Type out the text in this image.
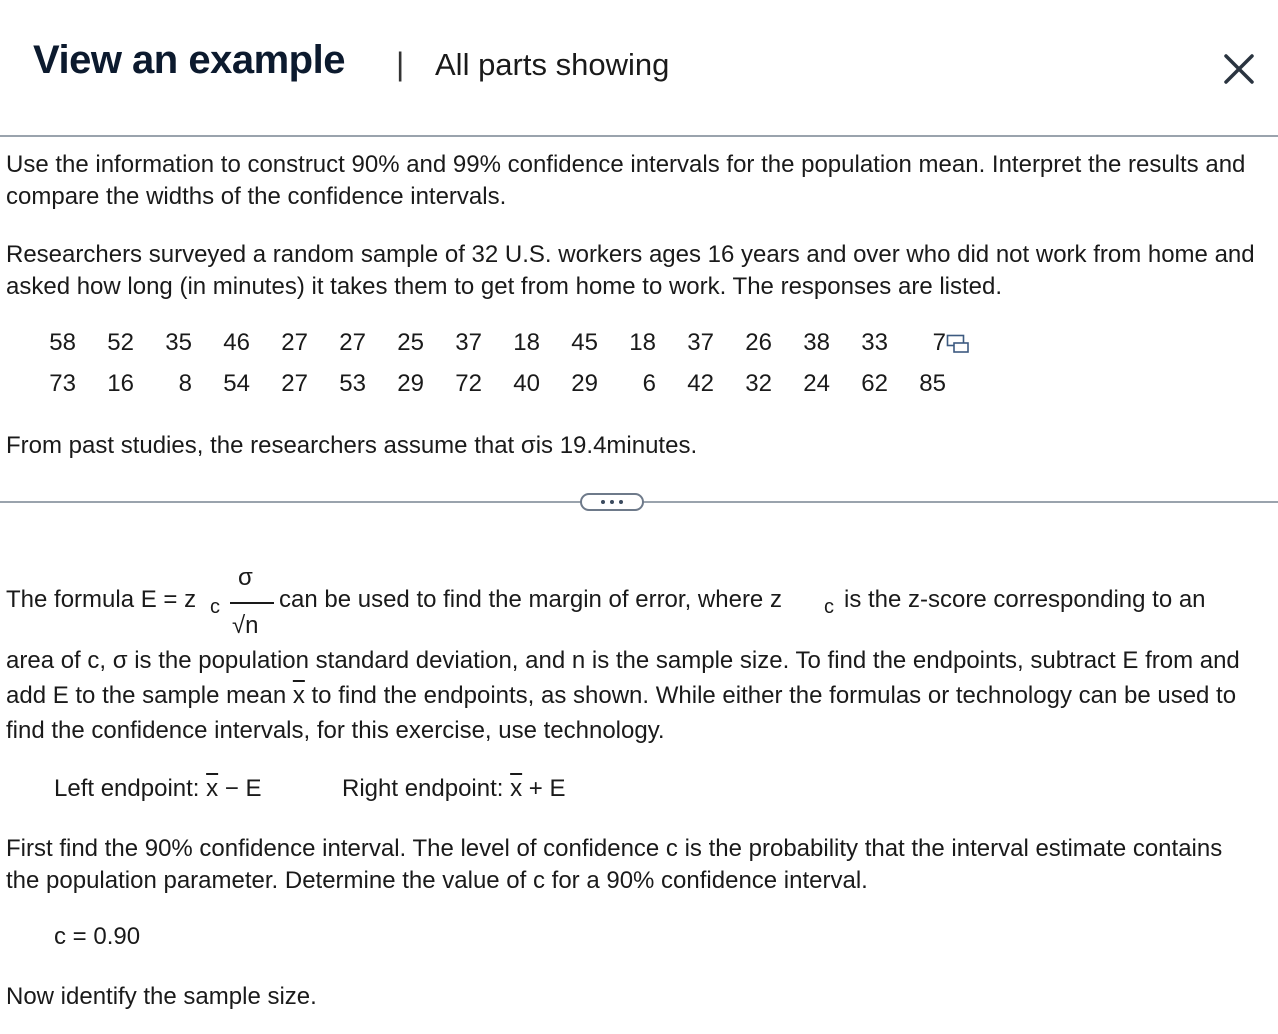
View an example | All parts showing

Use the information to construct 90% and 99% confidence intervals for the population mean. Interpret the results and compare the widths of the confidence intervals.

Researchers surveyed a random sample of 32 U.S. workers ages 16 years and over who did not work from home and asked how long (in minutes) it takes them to get from home to work. The responses are listed.

58	52	35	46	27	27	25	37	18	45	18	37	26	38	33	7
73	16	8	54	27	53	29	72	40	29	6	42	32	24	62	85

From past studies, the researchers assume that σis 19.4minutes.

The formula E = z c
σ
√n
can be used to find the margin of error, where z c is the z-score corresponding to an

area of c, σ is the population standard deviation, and n is the sample size. To find the endpoints, subtract E from and add E to the sample mean $\overline{x}$ to find the endpoints, as shown. While either the formulas or technology can be used to find the confidence intervals, for this exercise, use technology.

Left endpoint: $\overline{x} - E$	Right endpoint: $\overline{x} + E$

First find the 90% confidence interval. The level of confidence c is the probability that the interval estimate contains the population parameter. Determine the value of c for a 90% confidence interval.

c = 0.90

Now identify the sample size.
